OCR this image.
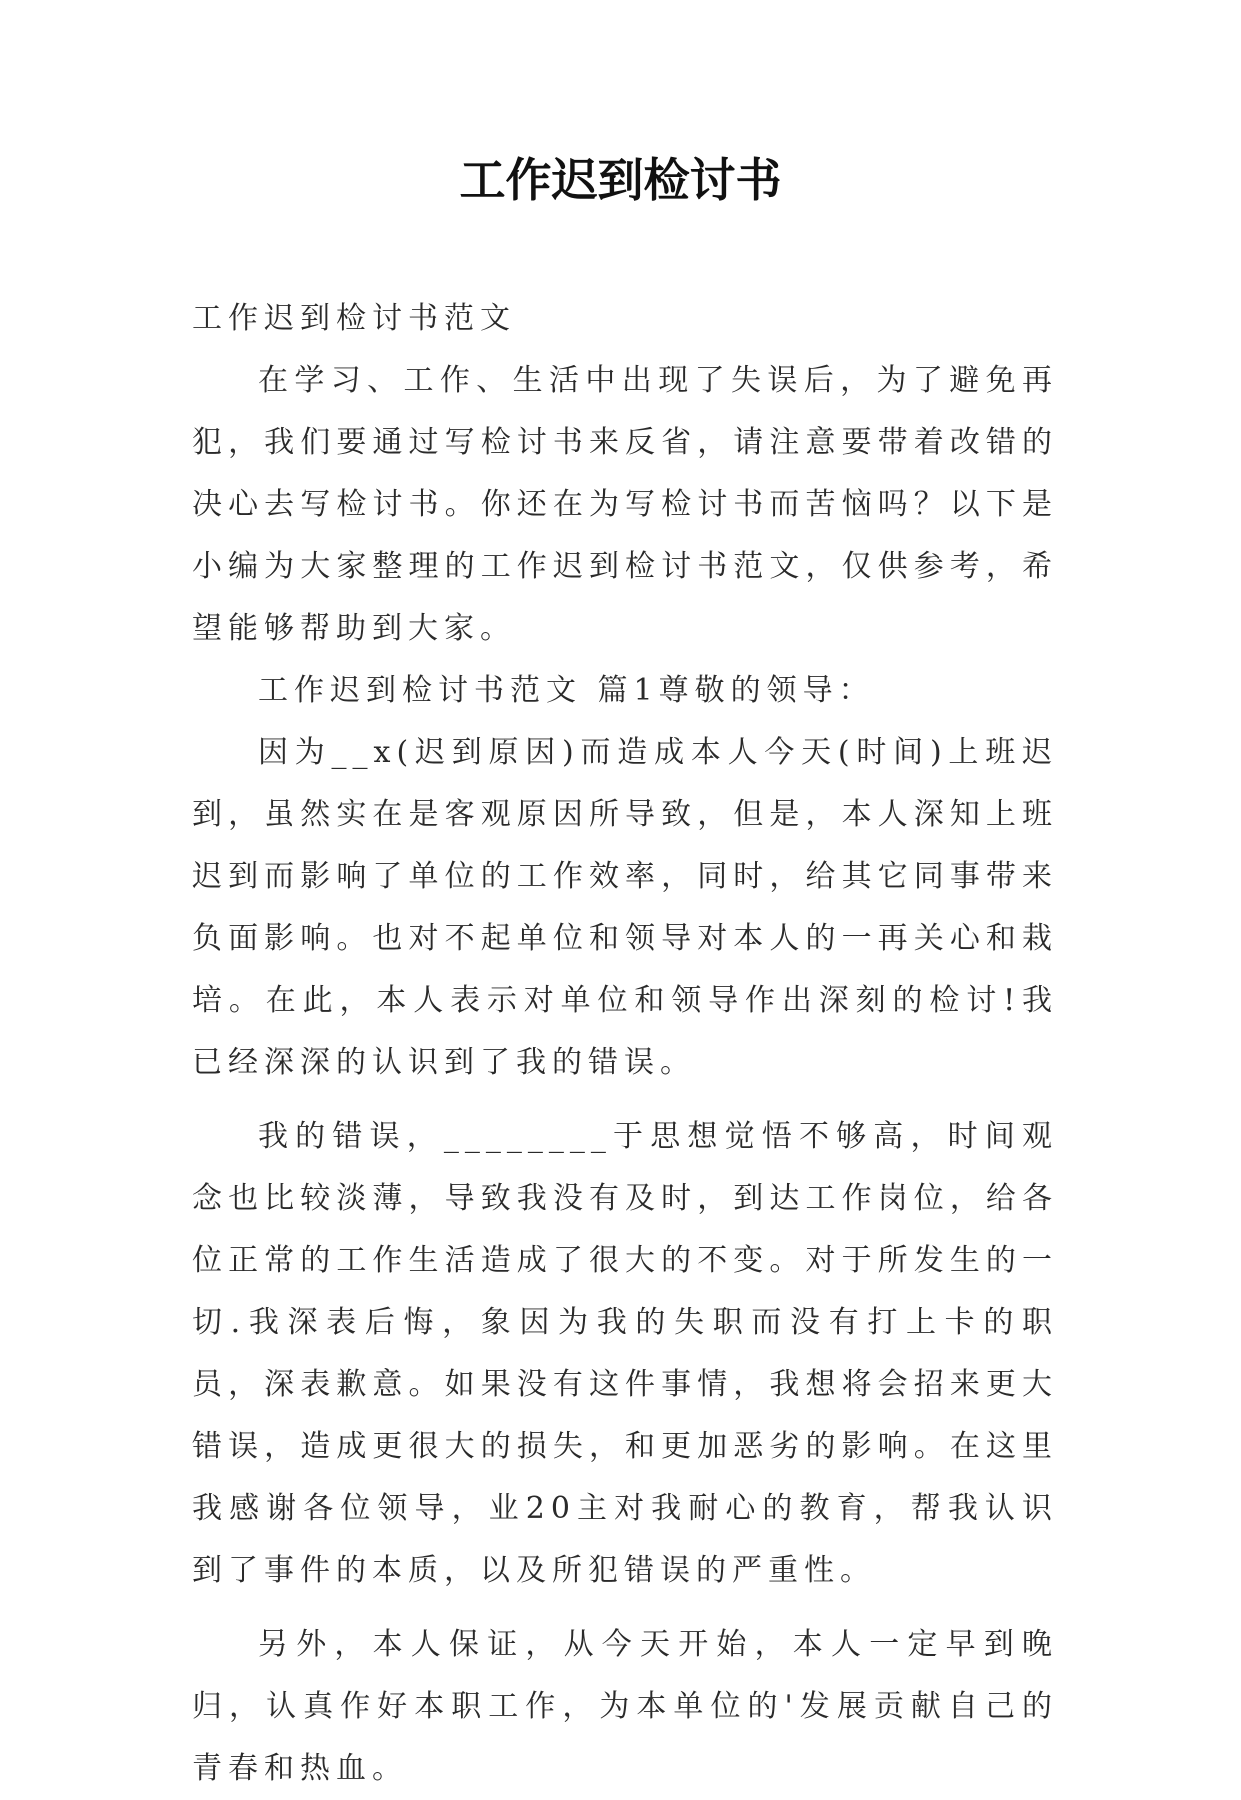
工作迟到检讨书

工作迟到检讨书范文

在学习、工作、生活中出现了失误后，为了避免再犯，我们要通过写检讨书来反省，请注意要带着改错的决心去写检讨书。你还在为写检讨书而苦恼吗？以下是小编为大家整理的工作迟到检讨书范文，仅供参考，希望能够帮助到大家。

工作迟到检讨书范文 篇1尊敬的领导：

因为__x(迟到原因)而造成本人今天(时间)上班迟到，虽然实在是客观原因所导致，但是，本人深知上班迟到而影响了单位的工作效率，同时，给其它同事带来负面影响。也对不起单位和领导对本人的一再关心和栽培。在此，本人表示对单位和领导作出深刻的检讨!我已经深深的认识到了我的错误。

我的错误，________于思想觉悟不够高，时间观念也比较淡薄，导致我没有及时，到达工作岗位，给各位正常的工作生活造成了很大的不变。对于所发生的一切.我深表后悔，象因为我的失职而没有打上卡的职员，深表歉意。如果没有这件事情，我想将会招来更大错误，造成更很大的损失，和更加恶劣的影响。在这里我感谢各位领导，业20主对我耐心的教育，帮我认识到了事件的本质，以及所犯错误的严重性。

另外，本人保证，从今天开始，本人一定早到晚归，认真作好本职工作，为本单位的'发展贡献自己的青春和热血。
